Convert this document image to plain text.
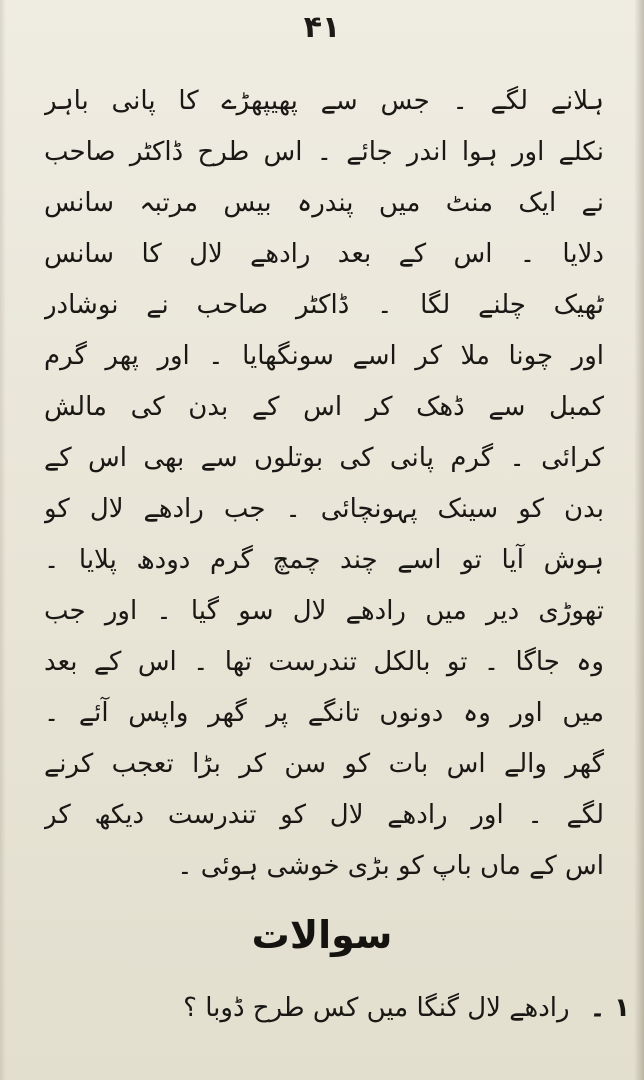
۴۱
ہلانے لگے ۔ جس سے پھیپھڑے کا پانی باہر
نکلے اور ہوا اندر جائے ۔ اس طرح ڈاکٹر صاحب
نے ایک منٹ میں پندرہ بیس مرتبہ سانس
دلایا ۔ اس کے بعد رادھے لال کا سانس
ٹھیک چلنے لگا ۔ ڈاکٹر صاحب نے نوشادر
اور چونا ملا کر اسے سونگھایا ۔ اور پھر گرم
کمبل سے ڈھک کر اس کے بدن کی مالش
کرائی ۔ گرم پانی کی بوتلوں سے بھی اس کے
بدن کو سینک پہونچائی ۔ جب رادھے لال کو
ہوش آیا تو اسے چند چمچ گرم دودھ پلایا ۔
تھوڑی دیر میں رادھے لال سو گیا ۔ اور جب
وہ جاگا ۔ تو بالکل تندرست تھا ۔ اس کے بعد
میں اور وہ دونوں تانگے پر گھر واپس آئے ۔
گھر والے اس بات کو سن کر بڑا تعجب کرنے
لگے ۔ اور رادھے لال کو تندرست دیکھ کر
اس کے ماں باپ کو بڑی خوشی ہوئی ۔
سوالات
۱ ۔ رادھے لال گنگا میں کس طرح ڈوبا ؟
